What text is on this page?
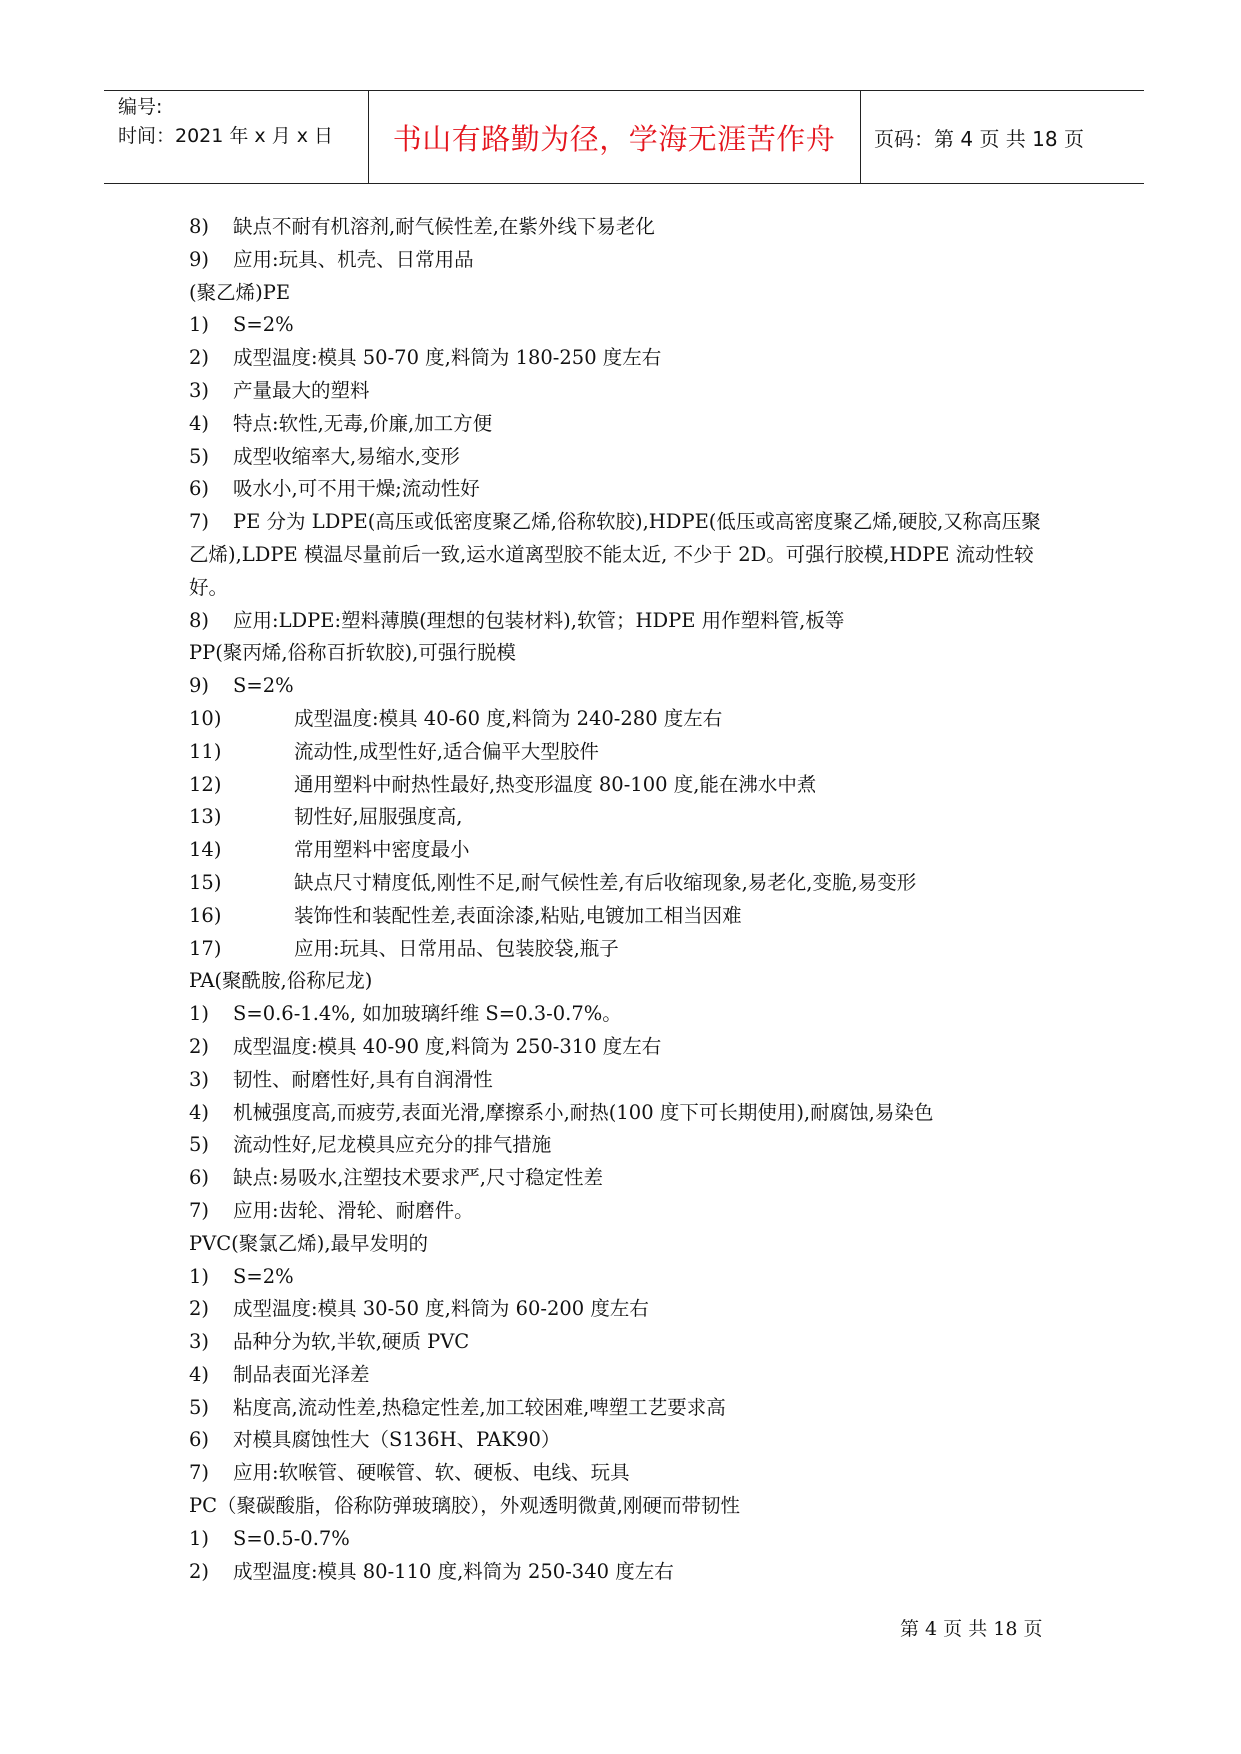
编号:
时间：2021 年 x 月 x 日	书山有路勤为径，学海无涯苦作舟	页码：第 4 页 共 18 页
8) 缺点不耐有机溶剂,耐气候性差,在紫外线下易老化
9) 应用:玩具、机壳、日常用品
(聚乙烯)PE
1) S=2%
2) 成型温度:模具 50-70 度,料筒为 180-250 度左右
3) 产量最大的塑料
4) 特点:软性,无毒,价廉,加工方便
5) 成型收缩率大,易缩水,变形
6) 吸水小,可不用干燥;流动性好
7) PE 分为 LDPE(高压或低密度聚乙烯,俗称软胶),HDPE(低压或高密度聚乙烯,硬胶,又称高压聚乙烯),LDPE 模温尽量前后一致,运水道离型胶不能太近, 不少于 2D。可强行胶模,HDPE 流动性较好。
8) 应用:LDPE:塑料薄膜(理想的包装材料),软管；HDPE 用作塑料管,板等
PP(聚丙烯,俗称百折软胶),可强行脱模
9) S=2%
10)	成型温度:模具 40-60 度,料筒为 240-280 度左右
11)	流动性,成型性好,适合偏平大型胶件
12)	通用塑料中耐热性最好,热变形温度 80-100 度,能在沸水中煮
13)	韧性好,屈服强度高,
14)	常用塑料中密度最小
15)	缺点尺寸精度低,刚性不足,耐气候性差,有后收缩现象,易老化,变脆,易变形
16)	装饰性和装配性差,表面涂漆,粘贴,电镀加工相当因难
17)	应用:玩具、日常用品、包装胶袋,瓶子
PA(聚酰胺,俗称尼龙)
1) S=0.6-1.4%, 如加玻璃纤维 S=0.3-0.7%。
2) 成型温度:模具 40-90 度,料筒为 250-310 度左右
3) 韧性、耐磨性好,具有自润滑性
4) 机械强度高,而疲劳,表面光滑,摩擦系小,耐热(100 度下可长期使用),耐腐蚀,易染色
5) 流动性好,尼龙模具应充分的排气措施
6) 缺点:易吸水,注塑技术要求严,尺寸稳定性差
7) 应用:齿轮、滑轮、耐磨件。
PVC(聚氯乙烯),最早发明的
1) S=2%
2) 成型温度:模具 30-50 度,料筒为 60-200 度左右
3) 品种分为软,半软,硬质 PVC
4) 制品表面光泽差
5) 粘度高,流动性差,热稳定性差,加工较困难,啤塑工艺要求高
6) 对模具腐蚀性大（S136H、PAK90）
7) 应用:软喉管、硬喉管、软、硬板、电线、玩具
PC（聚碳酸脂，俗称防弹玻璃胶），外观透明微黄,刚硬而带韧性
1) S=0.5-0.7%
2) 成型温度:模具 80-110 度,料筒为 250-340 度左右
第 4 页 共 18 页
